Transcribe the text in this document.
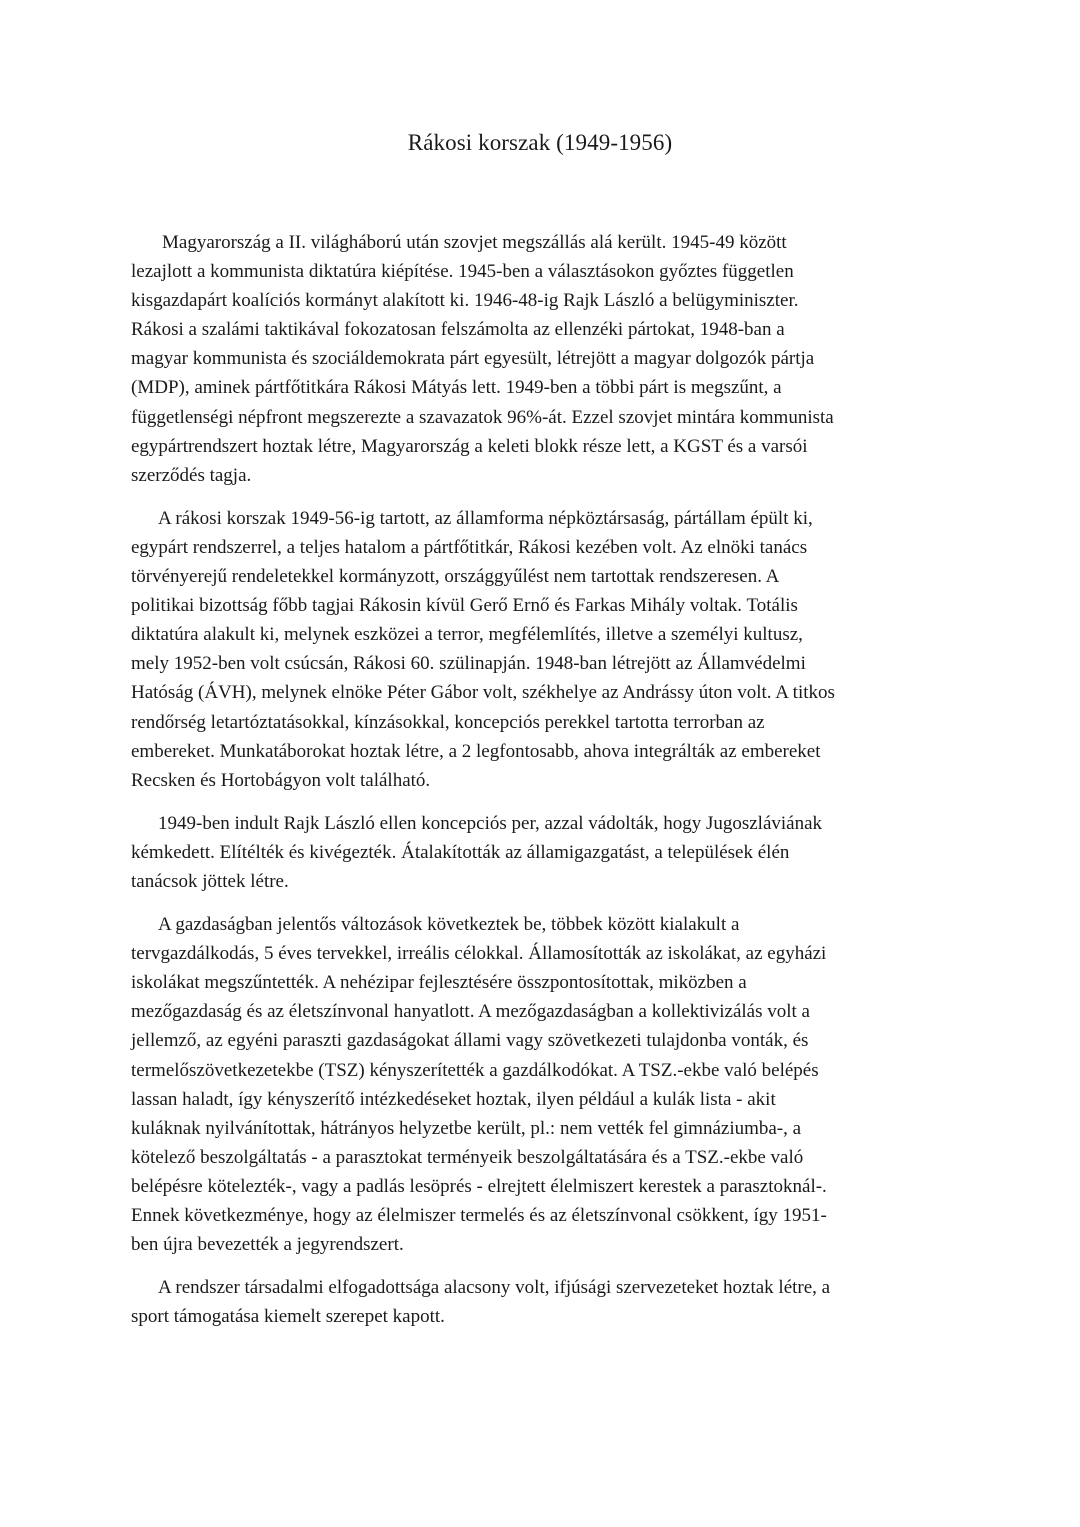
Rákosi korszak (1949-1956)

Magyarország a II. világháború után szovjet megszállás alá került. 1945-49 között
lezajlott a kommunista diktatúra kiépítése. 1945-ben a választásokon győztes független
kisgazdapárt koalíciós kormányt alakított ki. 1946-48-ig Rajk László a belügyminiszter.
Rákosi a szalámi taktikával fokozatosan felszámolta az ellenzéki pártokat, 1948-ban a
magyar kommunista és szociáldemokrata párt egyesült, létrejött a magyar dolgozók pártja
(MDP), aminek pártfőtitkára Rákosi Mátyás lett. 1949-ben a többi párt is megszűnt, a
függetlenségi népfront megszerezte a szavazatok 96%-át. Ezzel szovjet mintára kommunista
egypártrendszert hoztak létre, Magyarország a keleti blokk része lett, a KGST és a varsói
szerződés tagja.

A rákosi korszak 1949-56-ig tartott, az államforma népköztársaság, pártállam épült ki,
egypárt rendszerrel, a teljes hatalom a pártfőtitkár, Rákosi kezében volt. Az elnöki tanács
törvényerejű rendeletekkel kormányzott, országgyűlést nem tartottak rendszeresen. A
politikai bizottság főbb tagjai Rákosin kívül Gerő Ernő és Farkas Mihály voltak. Totális
diktatúra alakult ki, melynek eszközei a terror, megfélemlítés, illetve a személyi kultusz,
mely 1952-ben volt csúcsán, Rákosi 60. szülinapján. 1948-ban létrejött az Államvédelmi
Hatóság (ÁVH), melynek elnöke Péter Gábor volt, székhelye az Andrássy úton volt. A titkos
rendőrség letartóztatásokkal, kínzásokkal, koncepciós perekkel tartotta terrorban az
embereket. Munkatáborokat hoztak létre, a 2 legfontosabb, ahova integrálták az embereket
Recsken és Hortobágyon volt található.

1949-ben indult Rajk László ellen koncepciós per, azzal vádolták, hogy Jugoszláviának
kémkedett. Elítélték és kivégezték. Átalakították az államigazgatást, a települések élén
tanácsok jöttek létre.

A gazdaságban jelentős változások következtek be, többek között kialakult a
tervgazdálkodás, 5 éves tervekkel, irreális célokkal. Államosították az iskolákat, az egyházi
iskolákat megszűntették. A nehézipar fejlesztésére összpontosítottak, miközben a
mezőgazdaság és az életszínvonal hanyatlott. A mezőgazdaságban a kollektivizálás volt a
jellemző, az egyéni paraszti gazdaságokat állami vagy szövetkezeti tulajdonba vonták, és
termelőszövetkezetekbe (TSZ) kényszerítették a gazdálkodókat. A TSZ.-ekbe való belépés
lassan haladt, így kényszerítő intézkedéseket hoztak, ilyen például a kulák lista - akit
kuláknak nyilvánítottak, hátrányos helyzetbe került, pl.: nem vették fel gimnáziumba-, a
kötelező beszolgáltatás - a parasztokat terményeik beszolgáltatására és a TSZ.-ekbe való
belépésre kötelezték-, vagy a padlás lesöprés - elrejtett élelmiszert kerestek a parasztoknál-.
Ennek következménye, hogy az élelmiszer termelés és az életszínvonal csökkent, így 1951-
ben újra bevezették a jegyrendszert.

A rendszer társadalmi elfogadottsága alacsony volt, ifjúsági szervezeteket hoztak létre, a
sport támogatása kiemelt szerepet kapott.
